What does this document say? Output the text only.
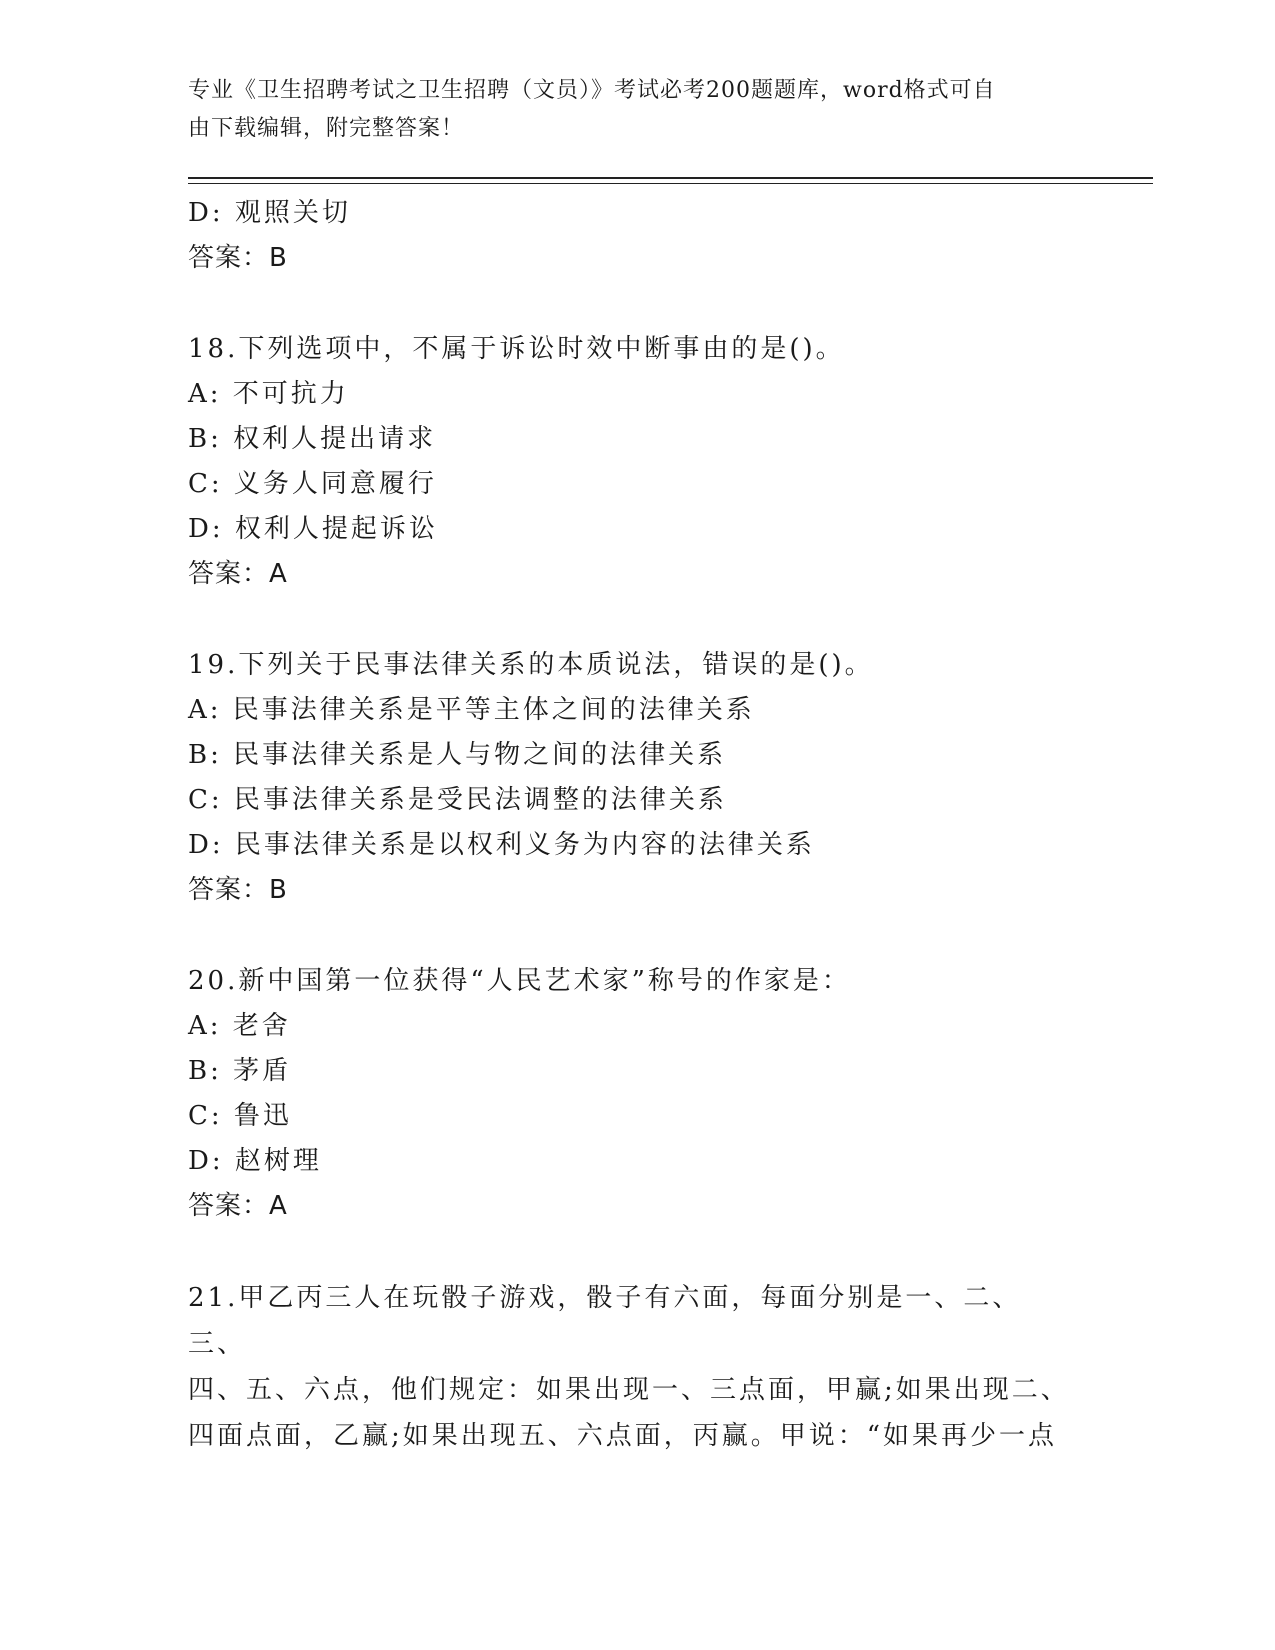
专业《卫生招聘考试之卫生招聘（文员）》考试必考200题题库，word格式可自
由下载编辑，附完整答案！
D: 观照关切
答案：B
18.下列选项中，不属于诉讼时效中断事由的是()。
A: 不可抗力
B: 权利人提出请求
C: 义务人同意履行
D: 权利人提起诉讼
答案：A
19.下列关于民事法律关系的本质说法，错误的是()。
A: 民事法律关系是平等主体之间的法律关系
B: 民事法律关系是人与物之间的法律关系
C: 民事法律关系是受民法调整的法律关系
D: 民事法律关系是以权利义务为内容的法律关系
答案：B
20.新中国第一位获得“人民艺术家”称号的作家是：
A: 老舍
B: 茅盾
C: 鲁迅
D: 赵树理
答案：A
21.甲乙丙三人在玩骰子游戏，骰子有六面，每面分别是一、二、三、
四、五、六点，他们规定：如果出现一、三点面，甲赢;如果出现二、
四面点面，乙赢;如果出现五、六点面，丙赢。甲说：“如果再少一点
